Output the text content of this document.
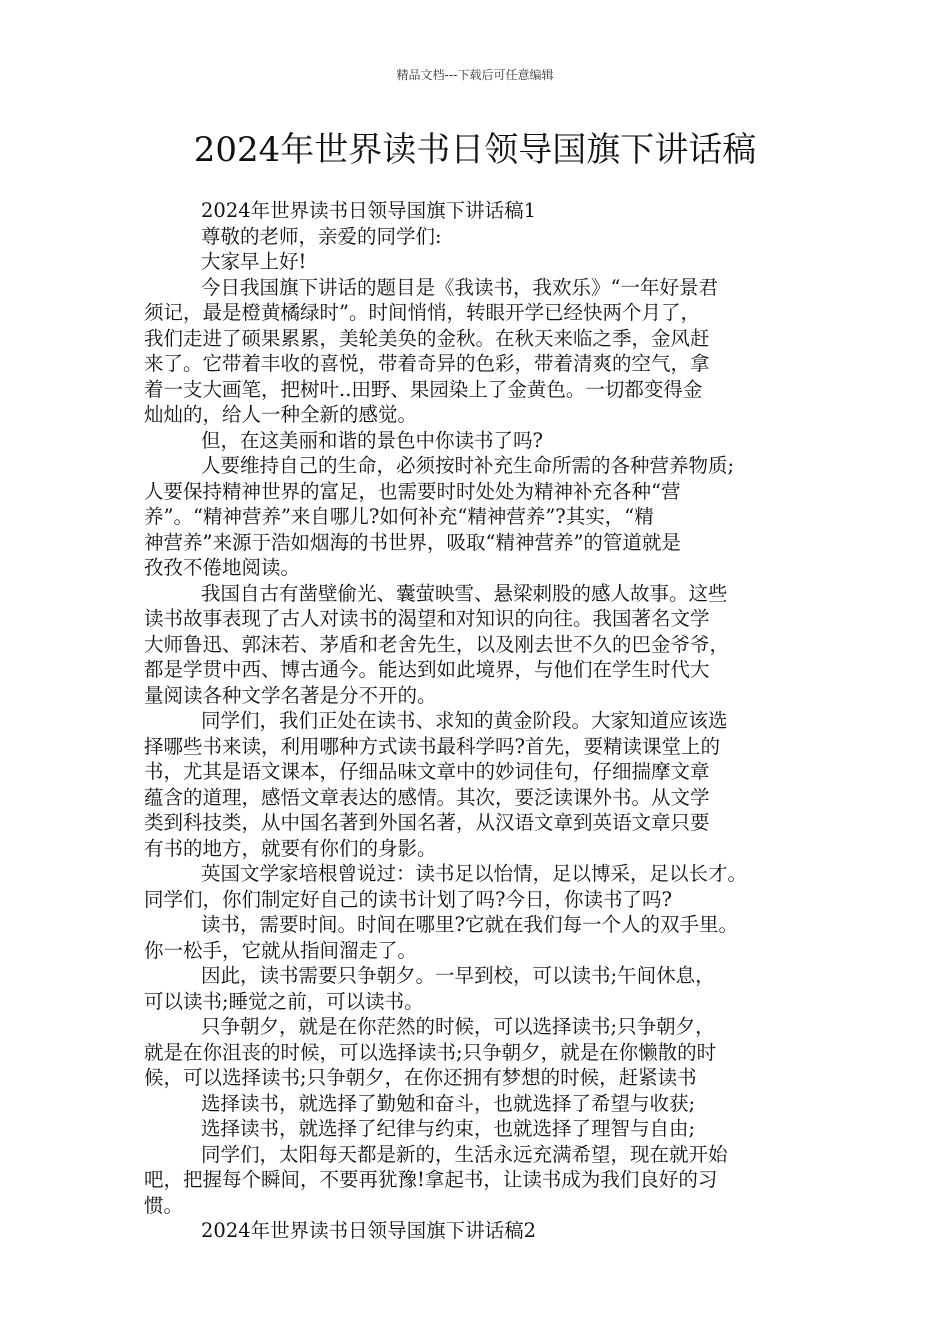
精品文档---下载后可任意编辑
2024年世界读书日领导国旗下讲话稿

2024年世界读书日领导国旗下讲话稿1

尊敬的老师，亲爱的同学们:

大家早上好!

今日我国旗下讲话的题目是《我读书，我欢乐》“一年好景君

须记，最是橙黄橘绿时”。时间悄悄，转眼开学已经快两个月了，

我们走进了硕果累累，美轮美奂的金秋。在秋天来临之季，金风赶

来了。它带着丰收的喜悦，带着奇异的色彩，带着清爽的空气，拿

着一支大画笔，把树叶..田野、果园染上了金黄色。一切都变得金

灿灿的，给人一种全新的感觉。

但，在这美丽和谐的景色中你读书了吗?

人要维持自己的生命，必须按时补充生命所需的各种营养物质;

人要保持精神世界的富足，也需要时时处处为精神补充各种“营

养”。“精神营养”来自哪儿?如何补充“精神营养”?其实，“精

神营养”来源于浩如烟海的书世界，吸取“精神营养”的管道就是

孜孜不倦地阅读。

我国自古有凿壁偷光、囊萤映雪、悬梁刺股的感人故事。这些

读书故事表现了古人对读书的渴望和对知识的向往。我国著名文学

大师鲁迅、郭沫若、茅盾和老舍先生，以及刚去世不久的巴金爷爷，

都是学贯中西、博古通今。能达到如此境界，与他们在学生时代大

量阅读各种文学名著是分不开的。

同学们，我们正处在读书、求知的黄金阶段。大家知道应该选

择哪些书来读，利用哪种方式读书最科学吗?首先，要精读课堂上的

书，尤其是语文课本，仔细品味文章中的妙词佳句，仔细揣摩文章

蕴含的道理，感悟文章表达的感情。其次，要泛读课外书。从文学

类到科技类，从中国名著到外国名著，从汉语文章到英语文章只要

有书的地方，就要有你们的身影。

英国文学家培根曾说过：读书足以怡情，足以博采，足以长才。

同学们，你们制定好自己的读书计划了吗?今日，你读书了吗?

读书，需要时间。时间在哪里?它就在我们每一个人的双手里。

你一松手，它就从指间溜走了。

因此，读书需要只争朝夕。一早到校，可以读书;午间休息，

可以读书;睡觉之前，可以读书。

只争朝夕，就是在你茫然的时候，可以选择读书;只争朝夕，

就是在你沮丧的时候，可以选择读书;只争朝夕，就是在你懒散的时

候，可以选择读书;只争朝夕，在你还拥有梦想的时候，赶紧读书

选择读书，就选择了勤勉和奋斗，也就选择了希望与收获;

选择读书，就选择了纪律与约束，也就选择了理智与自由;

同学们，太阳每天都是新的，生活永远充满希望，现在就开始

吧，把握每个瞬间，不要再犹豫!拿起书，让读书成为我们良好的习

惯。

2024年世界读书日领导国旗下讲话稿2
